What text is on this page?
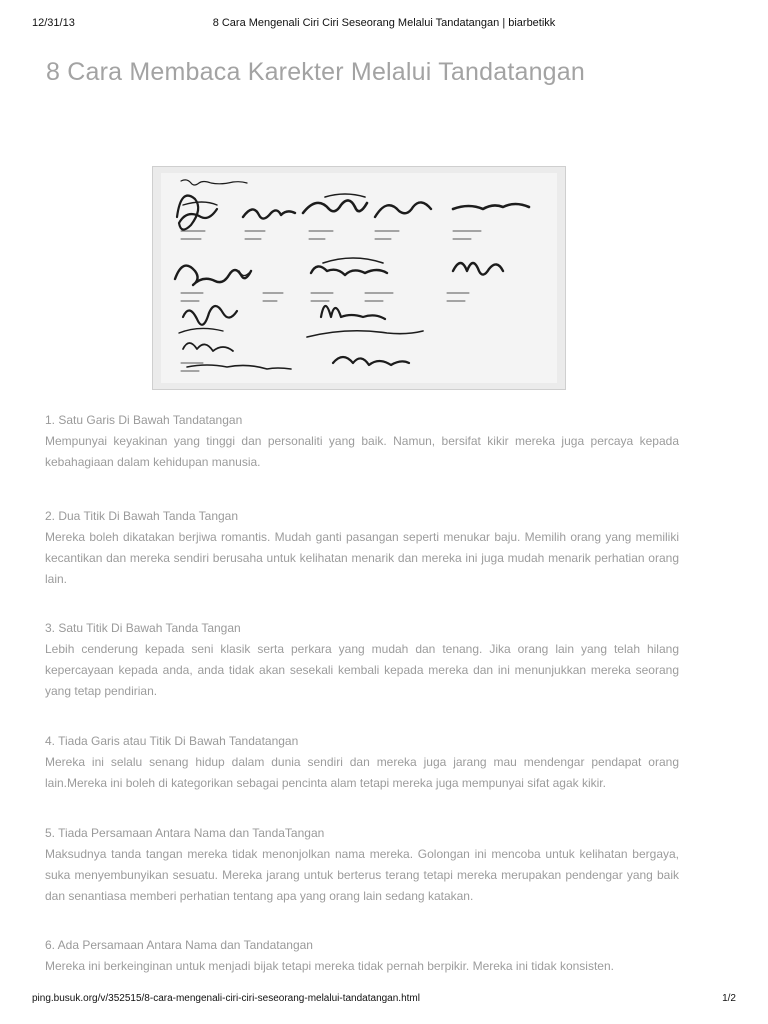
12/31/13	8 Cara Mengenali Ciri Ciri Seseorang Melalui Tandatangan | biarbetikk
8 Cara Membaca Karekter Melalui Tandatangan
1. Satu Garis Di Bawah Tandatangan
Mempunyai keyakinan yang tinggi dan personaliti yang baik. Namun, bersifat kikir mereka juga percaya kepada kebahagiaan dalam kehidupan manusia.
2. Dua Titik Di Bawah Tanda Tangan
Mereka boleh dikatakan berjiwa romantis. Mudah ganti pasangan seperti menukar baju. Memilih orang yang memiliki kecantikan dan mereka sendiri berusaha untuk kelihatan menarik dan mereka ini juga mudah menarik perhatian orang lain.
3. Satu Titik Di Bawah Tanda Tangan
Lebih cenderung kepada seni klasik serta perkara yang mudah dan tenang. Jika orang lain yang telah hilang kepercayaan kepada anda, anda tidak akan sesekali kembali kepada mereka dan ini menunjukkan mereka seorang yang tetap pendirian.
4. Tiada Garis atau Titik Di Bawah Tandatangan
Mereka ini selalu senang hidup dalam dunia sendiri dan mereka juga jarang mau mendengar pendapat orang lain.Mereka ini boleh di kategorikan sebagai pencinta alam tetapi mereka juga mempunyai sifat agak kikir.
5. Tiada Persamaan Antara Nama dan TandaTangan
Maksudnya tanda tangan mereka tidak menonjolkan nama mereka. Golongan ini mencoba untuk kelihatan bergaya, suka menyembunyikan sesuatu. Mereka jarang untuk berterus terang tetapi mereka merupakan pendengar yang baik dan senantiasa memberi perhatian tentang apa yang orang lain sedang katakan.
6. Ada Persamaan Antara Nama dan Tandatangan
Mereka ini berkeinginan untuk menjadi bijak tetapi mereka tidak pernah berpikir. Mereka ini tidak konsisten.
ping.busuk.org/v/352515/8-cara-mengenali-ciri-ciri-seseorang-melalui-tandatangan.html	1/2
